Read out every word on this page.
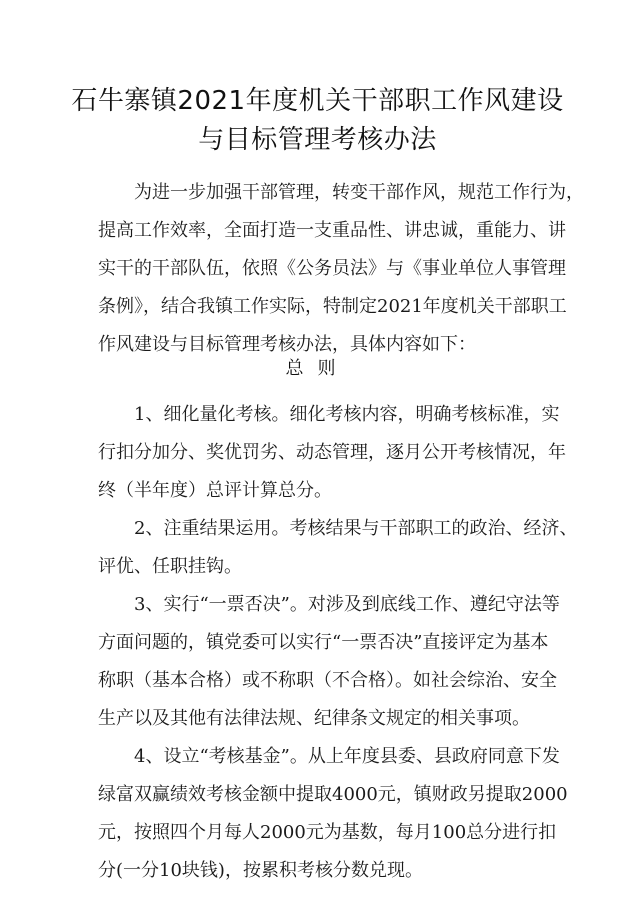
石牛寨镇2021年度机关干部职工作风建设
与目标管理考核办法
为进一步加强干部管理，转变干部作风，规范工作行为，
提高工作效率，全面打造一支重品性、讲忠诚，重能力、讲
实干的干部队伍，依照《公务员法》与《事业单位人事管理
条例》，结合我镇工作实际，特制定2021年度机关干部职工
作风建设与目标管理考核办法，具体内容如下：
总则
1、细化量化考核。细化考核内容，明确考核标准，实
行扣分加分、奖优罚劣、动态管理，逐月公开考核情况，年
终（半年度）总评计算总分。
2、注重结果运用。考核结果与干部职工的政治、经济、
评优、任职挂钩。
3、实行“一票否决”。对涉及到底线工作、遵纪守法等
方面问题的，镇党委可以实行“一票否决”直接评定为基本
称职（基本合格）或不称职（不合格）。如社会综治、安全
生产以及其他有法律法规、纪律条文规定的相关事项。
4、设立“考核基金”。从上年度县委、县政府同意下发
绿富双赢绩效考核金额中提取4000元，镇财政另提取2000
元，按照四个月每人2000元为基数，每月100总分进行扣
分(一分10块钱)，按累积考核分数兑现。
